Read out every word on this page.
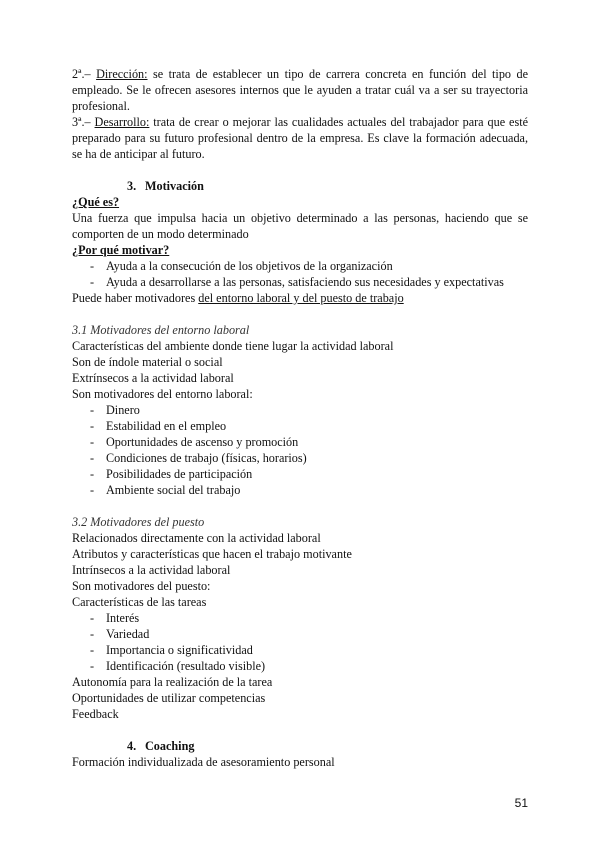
2ª.– Dirección: se trata de establecer un tipo de carrera concreta en función del tipo de empleado. Se le ofrecen asesores internos que le ayuden a tratar cuál va a ser su trayectoria profesional.

3ª.– Desarrollo: trata de crear o mejorar las cualidades actuales del trabajador para que esté preparado para su futuro profesional dentro de la empresa. Es clave la formación adecuada, se ha de anticipar al futuro.

3. Motivación

¿Qué es?

Una fuerza que impulsa hacia un objetivo determinado a las personas, haciendo que se comporten de un modo determinado

¿Por qué motivar?

- Ayuda a la consecución de los objetivos de la organización
- Ayuda a desarrollarse a las personas, satisfaciendo sus necesidades y expectativas

Puede haber motivadores del entorno laboral y del puesto de trabajo

3.1 Motivadores del entorno laboral

Características del ambiente donde tiene lugar la actividad laboral

Son de índole material o social

Extrínsecos a la actividad laboral

Son motivadores del entorno laboral:

- Dinero
- Estabilidad en el empleo
- Oportunidades de ascenso y promoción
- Condiciones de trabajo (físicas, horarios)
- Posibilidades de participación
- Ambiente social del trabajo

3.2 Motivadores del puesto

Relacionados directamente con la actividad laboral

Atributos y características que hacen el trabajo motivante

Intrínsecos a la actividad laboral

Son motivadores del puesto:

Características de las tareas

- Interés
- Variedad
- Importancia o significatividad
- Identificación (resultado visible)

Autonomía para la realización de la tarea

Oportunidades de utilizar competencias

Feedback

4. Coaching

Formación individualizada de asesoramiento personal

51
